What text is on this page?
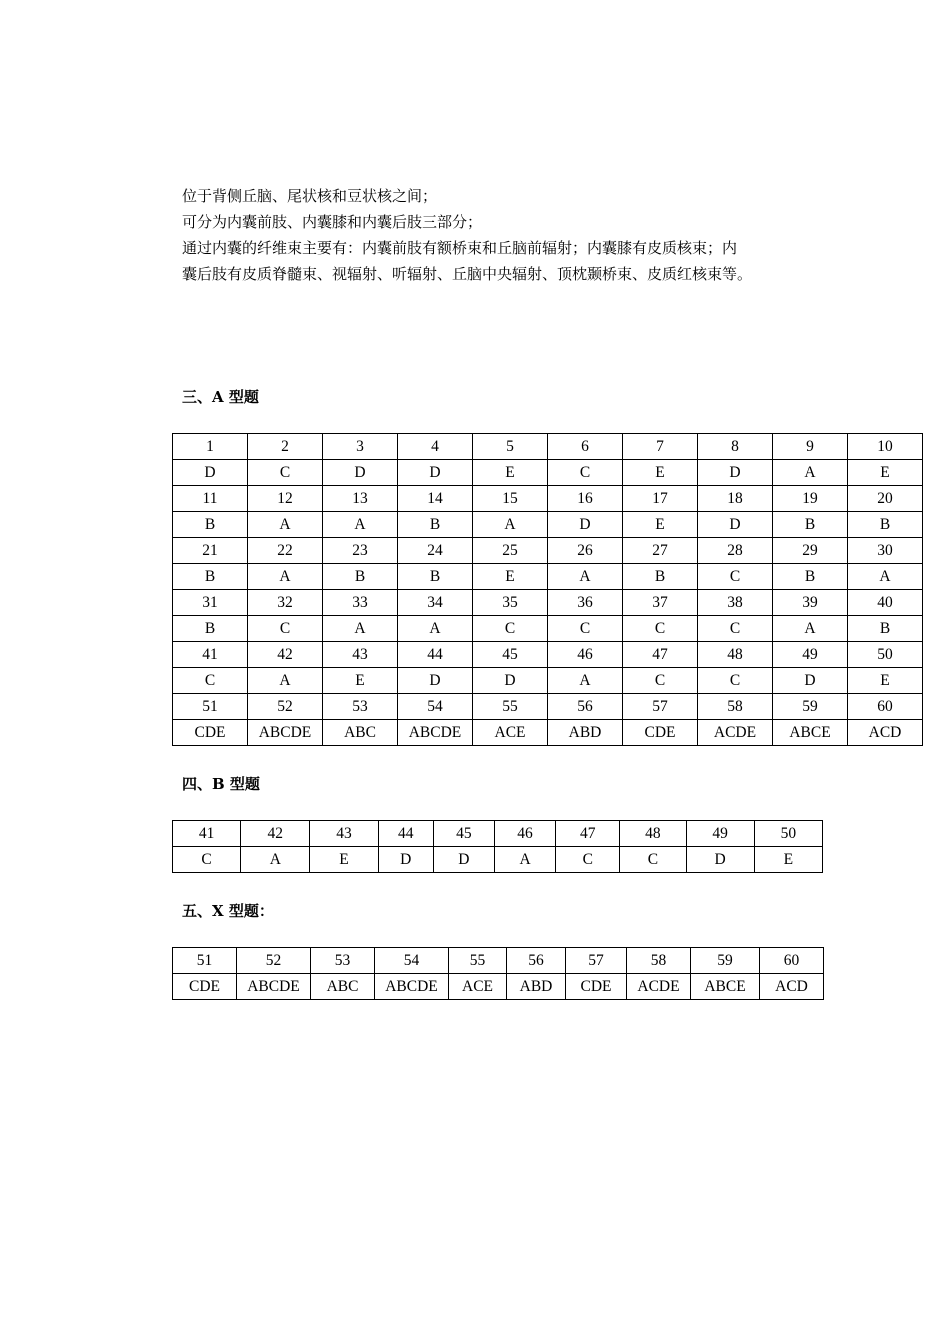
位于背侧丘脑、尾状核和豆状核之间；
可分为内囊前肢、内囊膝和内囊后肢三部分；
通过内囊的纤维束主要有：内囊前肢有额桥束和丘脑前辐射；内囊膝有皮质核束；内
囊后肢有皮质脊髓束、视辐射、听辐射、丘脑中央辐射、顶枕颞桥束、皮质红核束等。
三、A 型题
1	2	3	4	5	6	7	8	9	10
D	C	D	D	E	C	E	D	A	E
11	12	13	14	15	16	17	18	19	20
B	A	A	B	A	D	E	D	B	B
21	22	23	24	25	26	27	28	29	30
B	A	B	B	E	A	B	C	B	A
31	32	33	34	35	36	37	38	39	40
B	C	A	A	C	C	C	C	A	B
41	42	43	44	45	46	47	48	49	50
C	A	E	D	D	A	C	C	D	E
51	52	53	54	55	56	57	58	59	60
CDE	ABCDE	ABC	ABCDE	ACE	ABD	CDE	ACDE	ABCE	ACD
四、B 型题
41	42	43	44	45	46	47	48	49	50
C	A	E	D	D	A	C	C	D	E
五、X 型题：
51	52	53	54	55	56	57	58	59	60
CDE	ABCDE	ABC	ABCDE	ACE	ABD	CDE	ACDE	ABCE	ACD
